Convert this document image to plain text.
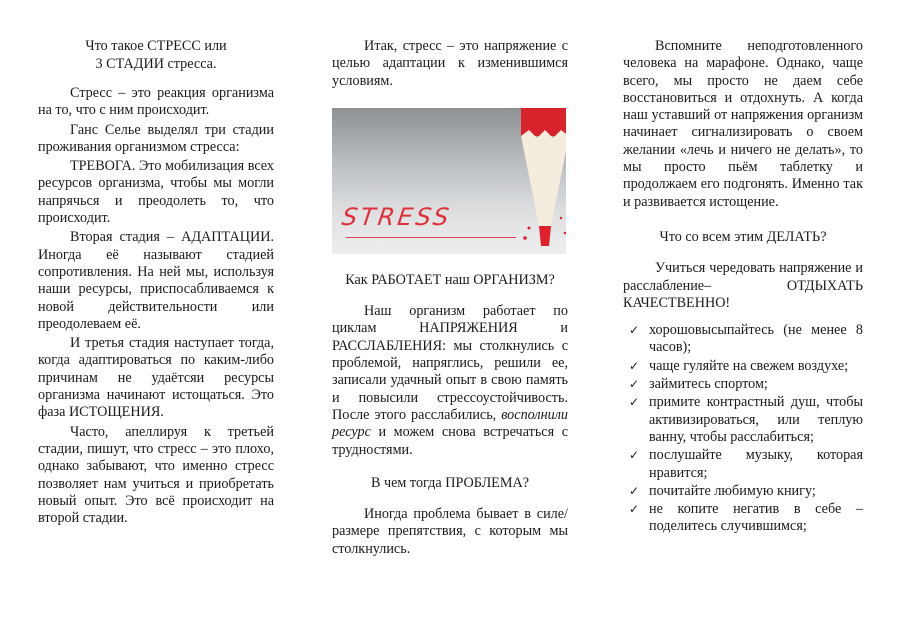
Что такое СТРЕСС или
3 СТАДИИ стресса.

Стресс – это реакция организма на то, что с ним происходит.

Ганс Селье выделял три стадии проживания организмом стресса:

ТРЕВОГА. Это мобилизация всех ресурсов организма, чтобы мы могли напрячься и преодолеть то, что происходит.

Вторая стадия – АДАПТАЦИИ. Иногда её называют стадией сопротивления. На ней мы, используя наши ресурсы, приспосабливаемся к новой действительности или преодолеваем её.

И третья стадия наступает тогда, когда адаптироваться по каким-либо причинам не удаётсяи ресурсы организма начинают истощаться. Это фаза ИСТОЩЕНИЯ.

Часто, апеллируя к третьей стадии, пишут, что стресс – это плохо, однако забывают, что именно стресс позволяет нам учиться и приобретать новый опыт. Это всё происходит на второй стадии.

Итак, стресс – это напряжение с целью адаптации к изменившимся условиям.

STRESS
Как РАБОТАЕТ наш ОРГАНИЗМ?

Наш организм работает по циклам НАПРЯЖЕНИЯ и РАССЛАБЛЕНИЯ: мы столкнулись с проблемой, напряглись, решили ее, записали удачный опыт в свою память и повысили стрессоустойчивость. После этого расслабились, восполнили ресурс и можем снова встречаться с трудностями.

В чем тогда ПРОБЛЕМА?

Иногда проблема бывает в силе/размере препятствия, с которым мы столкнулись.

Вспомните неподготовленного человека на марафоне. Однако, чаще всего, мы просто не даем себе восстановиться и отдохнуть. А когда наш уставший от напряжения организм начинает сигнализировать о своем желании «лечь и ничего не делать», то мы просто пьём таблетку и продолжаем его подгонять. Именно так и развивается истощение.

Что со всем этим ДЕЛАТЬ?

Учиться чередовать напряжение и расслабление– ОТДЫХАТЬ КАЧЕСТВЕННО!

✓ хорошовысыпайтесь (не менее 8 часов);
✓ чаще гуляйте на свежем воздухе;
✓ займитесь спортом;
✓ примите контрастный душ, чтобы активизироваться, или теплую ванну, чтобы расслабиться;
✓ послушайте музыку, которая нравится;
✓ почитайте любимую книгу;
✓ не копите негатив в себе – поделитесь случившимся;
